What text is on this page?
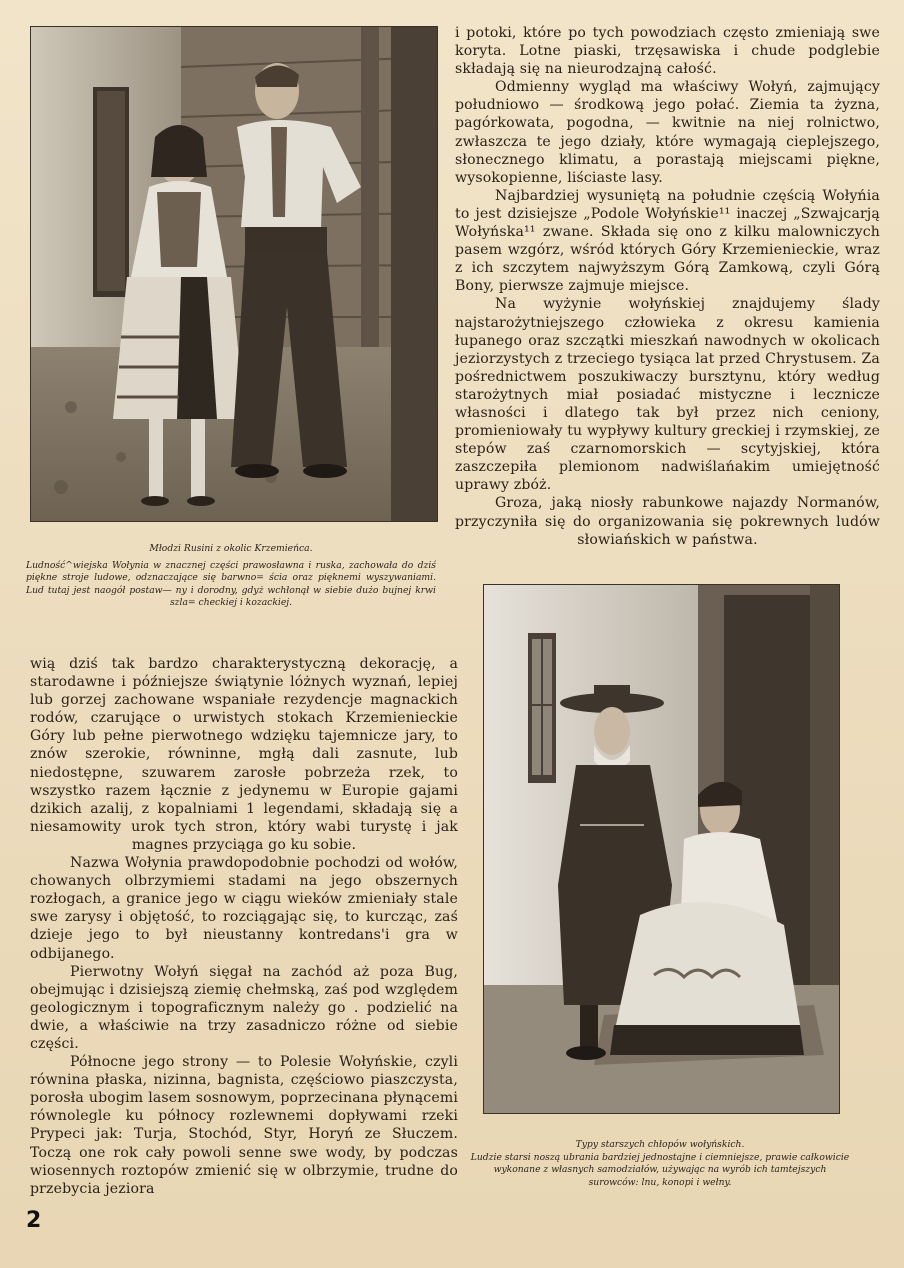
Młodzi Rusini z okolic Krzemieńca.

Ludność^wiejska Wołynia w znacznej części prawosławna i ruska, zachowała do dziś piękne stroje ludowe, odznaczające się barwno= ścia oraz pięknemi wyszywaniami. Lud tutaj jest naogół postaw— ny i dorodny, gdyż wchłonął w siebie dużo bujnej krwi szla= checkiej i kozackiej.

i potoki, które po tych powodziach często zmieniają swe koryta. Lotne piaski, trzęsawiska i chude podglebie składają się na nieurodzajną całość.

Odmienny wygląd ma właściwy Wołyń, zajmujący południowo — środkową jego połać. Ziemia ta żyzna, pagórkowata, pogodna, — kwitnie na niej rolnictwo, zwłaszcza te jego działy, które wymagają cieplejszego, słonecznego klimatu, a porastają miejscami piękne, wysokopienne, liściaste lasy.

Najbardziej wysuniętą na południe częścią Wołyńia to jest dzisiejsze „Podole Wołyńskie¹¹ inaczej „Szwajcarją Wołyńska¹¹ zwane. Składa się ono z kilku malowniczych pasem wzgórz, wśród których Góry Krzemienieckie, wraz z ich szczytem najwyższym Górą Zamkową, czyli Górą Bony, pierwsze zajmuje miejsce.

Na wyżynie wołyńskiej znajdujemy ślady najstarożytniejszego człowieka z okresu kamienia łupanego oraz szczątki mieszkań nawodnych w okolicach jeziorzystych z trzeciego tysiąca lat przed Chrystusem. Za pośrednictwem poszukiwaczy bursztynu, który według starożytnych miał posiadać mistyczne i lecznicze własności i dlatego tak był przez nich ceniony, promieniowały tu wypływy kultury greckiej i rzymskiej, ze stepów zaś czarnomorskich — scytyjskiej, która zaszczepiła plemionom nadwiślańakim umiejętność uprawy zbóż.

Groza, jaką niosły rabunkowe najazdy Normanów, przyczyniła się do organizowania się pokrewnych ludów słowiańskich w państwa.

wią dziś tak bardzo charakterystyczną dekorację, a starodawne i późniejsze świątynie lóżnych wyznań, lepiej lub gorzej zachowane wspaniałe rezydencje magnackich rodów, czarujące o urwistych stokach Krzemienieckie Góry lub pełne pierwotnego wdzięku tajemnicze jary, to znów szerokie, równinne, mgłą dali zasnute, lub niedostępne, szuwarem zarosłe pobrzeża rzek, to wszystko razem łącznie z jedynemu w Europie gajami dzikich azalij, z kopalniami 1 legendami, składają się a niesamowity urok tych stron, który wabi turystę i jak magnes przyciąga go ku sobie.

Nazwa Wołynia prawdopodobnie pochodzi od wołów, chowanych olbrzymiemi stadami na jego obszernych rozłogach, a granice jego w ciągu wieków zmieniały stale swe zarysy i objętość, to rozciągając się, to kurcząc, zaś dzieje jego to był nieustanny kontredans'i gra w odbijanego.

Pierwotny Wołyń sięgał na zachód aż poza Bug, obejmując i dzisiejszą ziemię chełmską, zaś pod względem geologicznym i topograficznym należy go . podzielić na dwie, a właściwie na trzy zasadniczo różne od siebie części.

Północne jego strony — to Polesie Wołyńskie, czyli równina płaska, nizinna, bagnista, częściowo piaszczysta, porosła ubogim lasem sosnowym, poprzecinana płynącemi równolegle ku północy rozlewnemi dopływami rzeki Prypeci jak: Turja, Stochód, Styr, Horyń ze Słuczem. Toczą one rok cały powoli senne swe wody, by podczas wiosennych roztopów zmienić się w olbrzymie, trudne do przebycia jeziora

Typy starszych chłopów wołyńskich.

Ludzie starsi noszą ubrania bardziej jednostajne i ciemniejsze, prawie całkowicie wykonane z własnych samodziałów, używając na wyrób ich tamtejszych surowców: lnu, konopi i wełny.

2
